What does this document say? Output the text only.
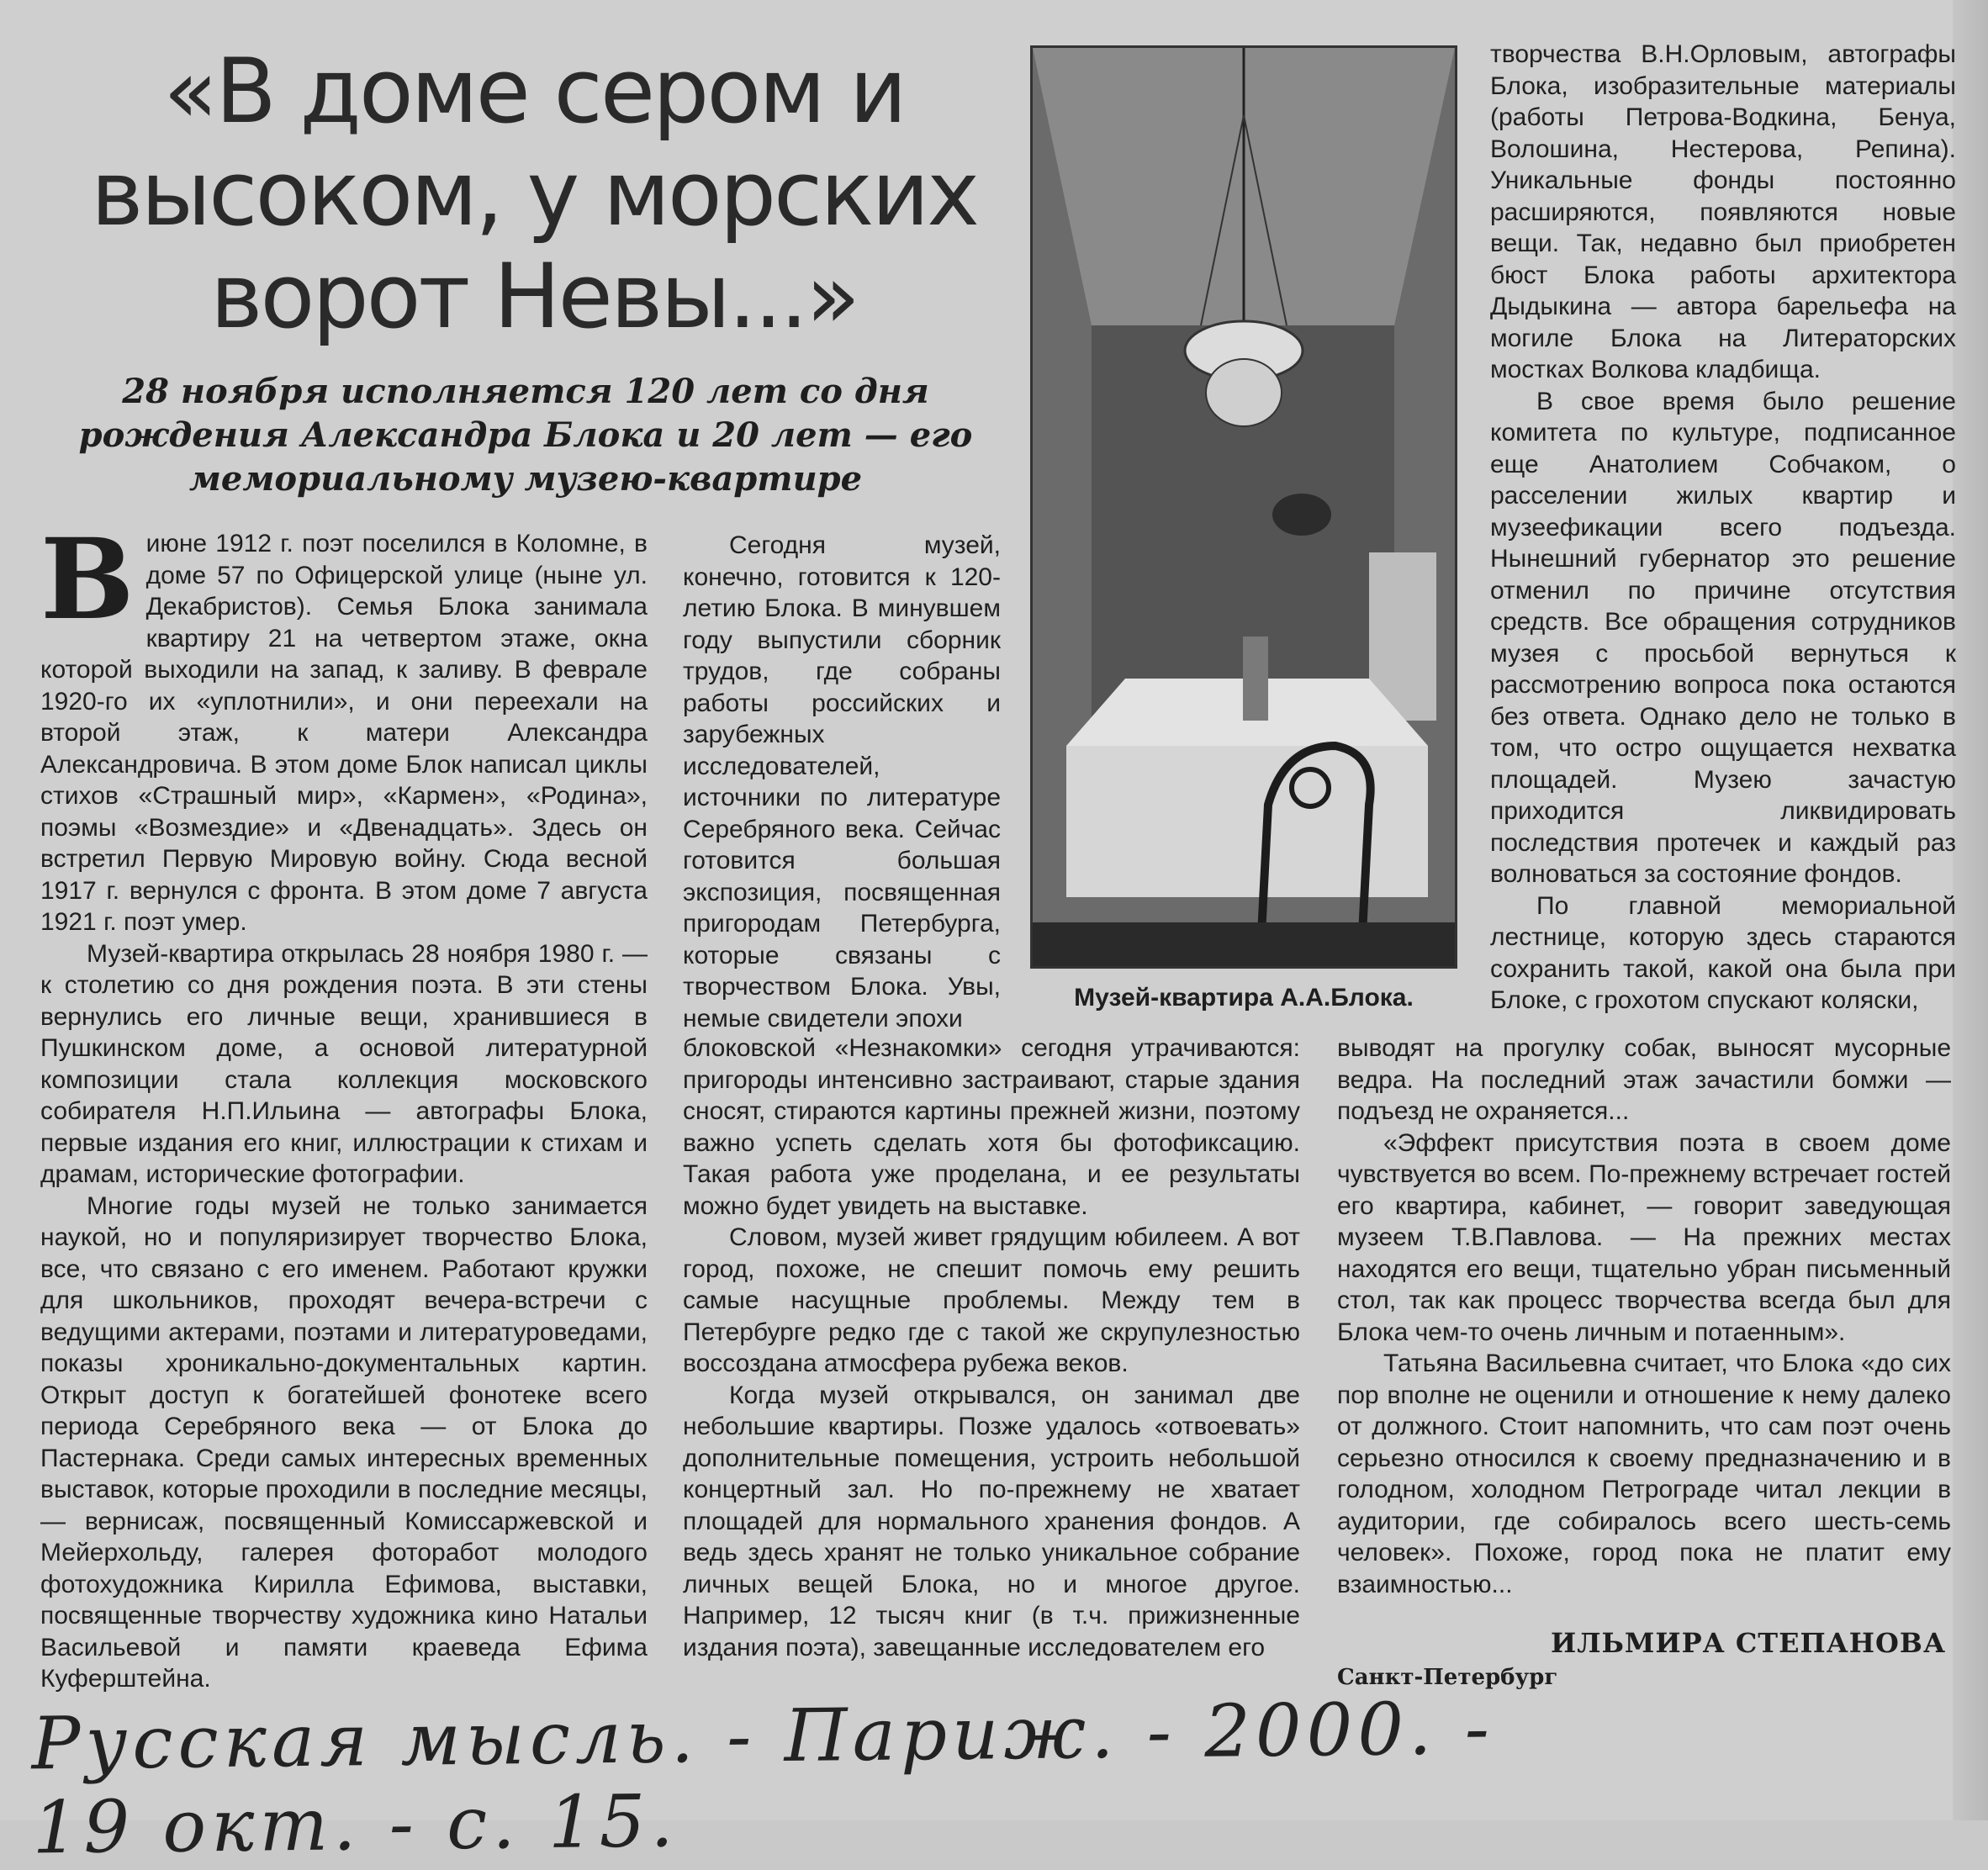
«В доме сером и высоком, у морских ворот Невы...»
28 ноября исполняется 120 лет со дня рождения Александра Блока и 20 лет — его мемориальному музею-квартире

В июне 1912 г. поэт поселился в Коломне, в доме 57 по Офицерской улице (ныне ул. Декабристов). Семья Блока занимала квартиру 21 на четвертом этаже, окна которой выходили на запад, к заливу. В феврале 1920-го их «уплотнили», и они переехали на второй этаж, к матери Александра Александровича. В этом доме Блок написал циклы стихов «Страшный мир», «Кармен», «Родина», поэмы «Возмездие» и «Двенадцать». Здесь он встретил Первую Мировую войну. Сюда весной 1917 г. вернулся с фронта. В этом доме 7 августа 1921 г. поэт умер.

Музей-квартира открылась 28 ноября 1980 г. — к столетию со дня рождения поэта. В эти стены вернулись его личные вещи, хранившиеся в Пушкинском доме, а основой литературной композиции стала коллекция московского собирателя Н.П.Ильина — автографы Блока, первые издания его книг, иллюстрации к стихам и драмам, исторические фотографии.

Многие годы музей не только занимается наукой, но и популяризирует творчество Блока, все, что связано с его именем. Работают кружки для школьников, проходят вечера-встречи с ведущими актерами, поэтами и литературоведами, показы хроникально-документальных картин. Открыт доступ к богатейшей фонотеке всего периода Серебряного века — от Блока до Пастернака. Среди самых интересных временных выставок, которые проходили в последние месяцы, — вернисаж, посвященный Комиссаржевской и Мейерхольду, галерея фоторабот молодого фотохудожника Кирилла Ефимова, выставки, посвященные творчеству художника кино Натальи Васильевой и памяти краеведа Ефима Куферштейна.

Сегодня музей, конечно, готовится к 120-летию Блока. В минувшем году выпустили сборник трудов, где собраны работы российских и зарубежных исследователей, источники по литературе Серебряного века. Сейчас готовится большая экспозиция, посвященная пригородам Петербурга, которые связаны с творчеством Блока. Увы, немые свидетели эпохи

блоковской «Незнакомки» сегодня утрачиваются: пригороды интенсивно застраивают, старые здания сносят, стираются картины прежней жизни, поэтому важно успеть сделать хотя бы фотофиксацию. Такая работа уже проделана, и ее результаты можно будет увидеть на выставке.

Словом, музей живет грядущим юбилеем. А вот город, похоже, не спешит помочь ему решить самые насущные проблемы. Между тем в Петербурге редко где с такой же скрупулезностью воссоздана атмосфера рубежа веков.

Когда музей открывался, он занимал две небольшие квартиры. Позже удалось «отвоевать» дополнительные помещения, устроить небольшой концертный зал. Но по-прежнему не хватает площадей для нормального хранения фондов. А ведь здесь хранят не только уникальное собрание личных вещей Блока, но и многое другое. Например, 12 тысяч книг (в т.ч. прижизненные издания поэта), завещанные исследователем его

Музей-квартира А.А.Блока.

творчества В.Н.Орловым, автографы Блока, изобразительные материалы (работы Петрова-Водкина, Бенуа, Волошина, Нестерова, Репина). Уникальные фонды постоянно расширяются, появляются новые вещи. Так, недавно был приобретен бюст Блока работы архитектора Дыдыкина — автора барельефа на могиле Блока на Литераторских мостках Волкова кладбища.

В свое время было решение комитета по культуре, подписанное еще Анатолием Собчаком, о расселении жилых квартир и музеефикации всего подъезда. Нынешний губернатор это решение отменил по причине отсутствия средств. Все обращения сотрудников музея с просьбой вернуться к рассмотрению вопроса пока остаются без ответа. Однако дело не только в том, что остро ощущается нехватка площадей. Музею зачастую приходится ликвидировать последствия протечек и каждый раз волноваться за состояние фондов.

По главной мемориальной лестнице, которую здесь стараются сохранить такой, какой она была при Блоке, с грохотом спускают коляски,

выводят на прогулку собак, выносят мусорные ведра. На последний этаж зачастили бомжи — подъезд не охраняется...

«Эффект присутствия поэта в своем доме чувствуется во всем. По-прежнему встречает гостей его квартира, кабинет, — говорит заведующая музеем Т.В.Павлова. — На прежних местах находятся его вещи, тщательно убран письменный стол, так как процесс творчества всегда был для Блока чем-то очень личным и потаенным».

Татьяна Васильевна считает, что Блока «до сих пор вполне не оценили и отношение к нему далеко от должного. Стоит напомнить, что сам поэт очень серьезно относился к своему предназначению и в голодном, холодном Петрограде читал лекции в аудитории, где собиралось всего шесть-семь человек». Похоже, город пока не платит ему взаимностью...

ИЛЬМИРА СТЕПАНОВА
Санкт-Петербург
Русская мысль. - Париж. - 2000. - 19 окт. - с. 15.
